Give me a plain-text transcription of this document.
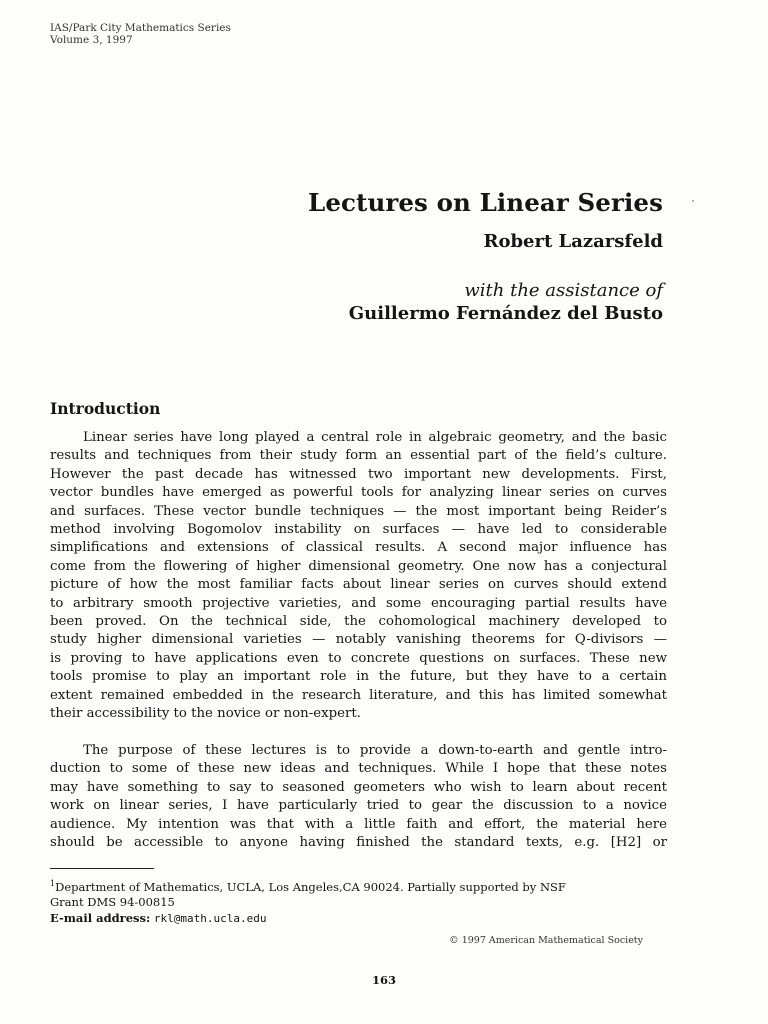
IAS/Park City Mathematics Series
Volume 3, 1997
Lectures on Linear Series
Robert Lazarsfeld
with the assistance of
Guillermo Fernández del Busto
Introduction
Linear series have long played a central role in algebraic geometry, and the basic
results and techniques from their study form an essential part of the field’s culture.
However the past decade has witnessed two important new developments. First,
vector bundles have emerged as powerful tools for analyzing linear series on curves
and surfaces. These vector bundle techniques — the most important being Reider’s
method involving Bogomolov instability on surfaces — have led to considerable
simplifications and extensions of classical results. A second major influence has
come from the flowering of higher dimensional geometry. One now has a conjectural
picture of how the most familiar facts about linear series on curves should extend
to arbitrary smooth projective varieties, and some encouraging partial results have
been proved. On the technical side, the cohomological machinery developed to
study higher dimensional varieties — notably vanishing theorems for Q-divisors —
is proving to have applications even to concrete questions on surfaces. These new
tools promise to play an important role in the future, but they have to a certain
extent remained embedded in the research literature, and this has limited somewhat
their accessibility to the novice or non-expert.
The purpose of these lectures is to provide a down-to-earth and gentle intro-
duction to some of these new ideas and techniques. While I hope that these notes
may have something to say to seasoned geometers who wish to learn about recent
work on linear series, I have particularly tried to gear the discussion to a novice
audience. My intention was that with a little faith and effort, the material here
should be accessible to anyone having finished the standard texts, e.g. [H2] or
$^1$Department of Mathematics, UCLA, Los Angeles,CA 90024. Partially supported by NSF
Grant DMS 94-00815
E-mail address: rkl@math.ucla.edu
© 1997 American Mathematical Society
163
